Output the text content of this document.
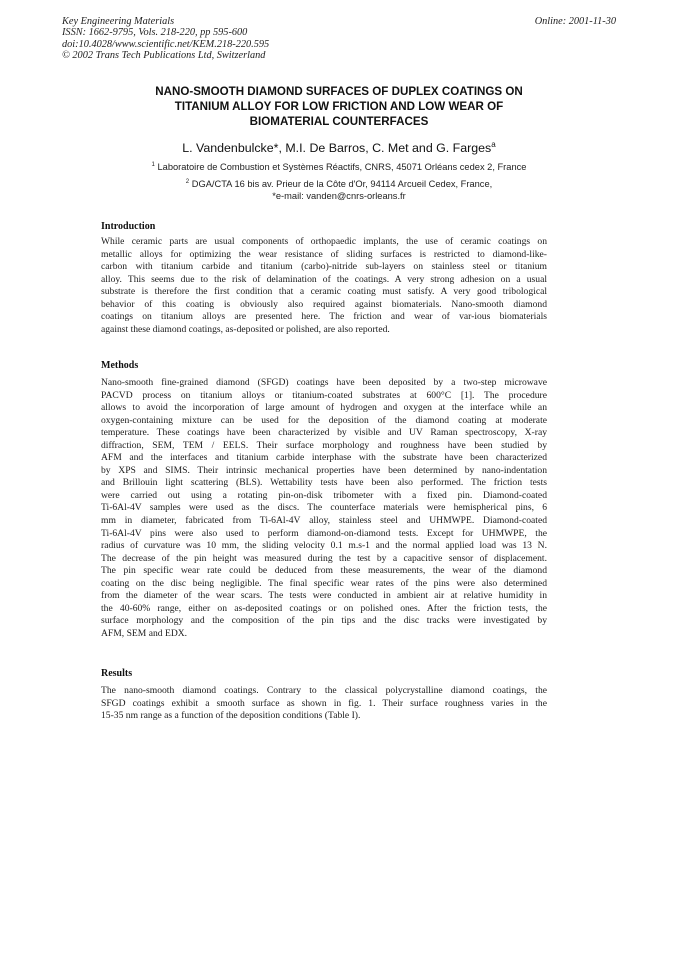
Key Engineering Materials
ISSN: 1662-9795, Vols. 218-220, pp 595-600
doi:10.4028/www.scientific.net/KEM.218-220.595
© 2002 Trans Tech Publications Ltd, Switzerland
Online: 2001-11-30
NANO-SMOOTH DIAMOND SURFACES OF DUPLEX COATINGS ON
TITANIUM ALLOY FOR LOW FRICTION AND LOW WEAR OF
BIOMATERIAL COUNTERFACES
L. Vandenbulcke*, M.I. De Barros, C. Met and G. Farges$^a$
$^1$ Laboratoire de Combustion et Systèmes Réactifs, CNRS, 45071 Orléans cedex 2, France
$^2$ DGA/CTA 16 bis av. Prieur de la Côte d'Or, 94114 Arcueil Cedex, France,
*e-mail: vanden@cnrs-orleans.fr
Introduction
While ceramic parts are usual components of orthopaedic implants, the use of ceramic coatings on
metallic alloys for optimizing the wear resistance of sliding surfaces is restricted to diamond-like-
carbon with titanium carbide and titanium (carbo)-nitride sub-layers on stainless steel or titanium
alloy. This seems due to the risk of delamination of the coatings. A very strong adhesion on a usual
substrate is therefore the first condition that a ceramic coating must satisfy. A very good tribological
behavior of this coating is obviously also required against biomaterials. Nano-smooth diamond
coatings on titanium alloys are presented here. The friction and wear of var-ious biomaterials
against these diamond coatings, as-deposited or polished, are also reported.
Methods
Nano-smooth fine-grained diamond (SFGD) coatings have been deposited by a two-step microwave
PACVD process on titanium alloys or titanium-coated substrates at 600°C [1]. The procedure
allows to avoid the incorporation of large amount of hydrogen and oxygen at the interface while an
oxygen-containing mixture can be used for the deposition of the diamond coating at moderate
temperature. These coatings have been characterized by visible and UV Raman spectroscopy, X-ray
diffraction, SEM, TEM / EELS. Their surface morphology and roughness have been studied by
AFM and the interfaces and titanium carbide interphase with the substrate have been characterized
by XPS and SIMS. Their intrinsic mechanical properties have been determined by nano-indentation
and Brillouin light scattering (BLS). Wettability tests have been also performed. The friction tests
were carried out using a rotating pin-on-disk tribometer with a fixed pin. Diamond-coated
Ti-6Al-4V samples were used as the discs. The counterface materials were hemispherical pins, 6
mm in diameter, fabricated from Ti-6Al-4V alloy, stainless steel and UHMWPE. Diamond-coated
Ti-6Al-4V pins were also used to perform diamond-on-diamond tests. Except for UHMWPE, the
radius of curvature was 10 mm, the sliding velocity 0.1 m.s-1 and the normal applied load was 13 N.
The decrease of the pin height was measured during the test by a capacitive sensor of displacement.
The pin specific wear rate could be deduced from these measurements, the wear of the diamond
coating on the disc being negligible. The final specific wear rates of the pins were also determined
from the diameter of the wear scars. The tests were conducted in ambient air at relative humidity in
the 40-60% range, either on as-deposited coatings or on polished ones. After the friction tests, the
surface morphology and the composition of the pin tips and the disc tracks were investigated by
AFM, SEM and EDX.
Results
The nano-smooth diamond coatings. Contrary to the classical polycrystalline diamond coatings, the
SFGD coatings exhibit a smooth surface as shown in fig. 1. Their surface roughness varies in the
15-35 nm range as a function of the deposition conditions (Table I).
